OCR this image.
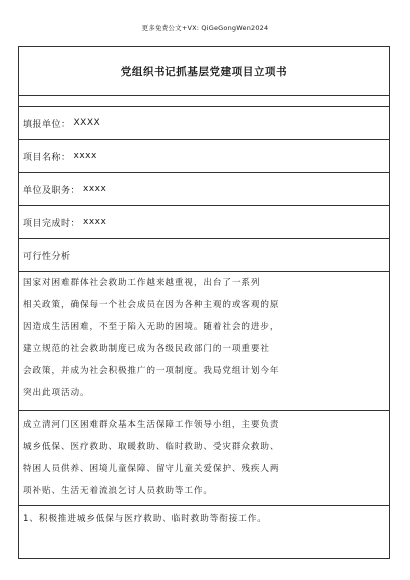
更多免费公文+VX: QiGeGongWen2024
党组织书记抓基层党建项目立项书
填报单位： XXXX
项目名称： xxxx
单位及职务： xxxx
项目完成时： xxxx
可行性分析
国家对困难群体社会救助工作越来越重视，出台了一系列
相关政策，确保每一个社会成员在因为各种主观的或客观的原
因造成生活困难，不至于陷入无助的困境。随着社会的进步，
建立规范的社会救助制度已成为各级民政部门的一项重要社
会政策，并成为社会积极推广的一项制度。我局党组计划今年
突出此项活动。
成立清河门区困难群众基本生活保障工作领导小组，主要负责
城乡低保、医疗救助、取暖救助、临时救助、受灾群众救助、
特困人员供养、困境儿童保障、留守儿童关爱保护、残疾人两
项补贴、生活无着流浪乞讨人员救助等工作。
1、积极推进城乡低保与医疗救助、临时救助等衔接工作。
